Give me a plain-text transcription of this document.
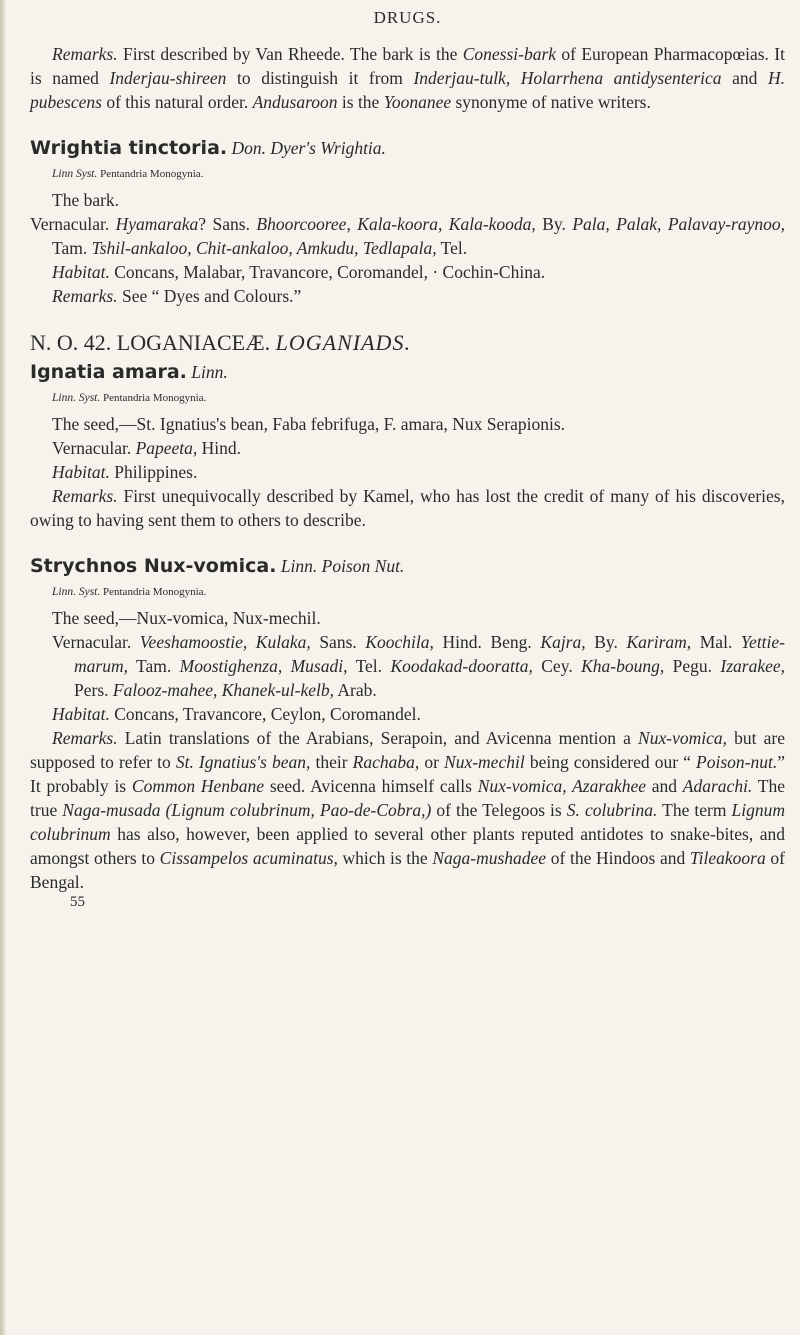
DRUGS.

Remarks. First described by Van Rheede. The bark is the Conessi-bark of European Pharmacopœias. It is named Inderjau-shireen to distinguish it from Inderjau-tulk, Holarrhena antidysenterica and H. pubescens of this natural order. Andusaroon is the Yoonanee synonyme of native writers.

Wrightia tinctoria. Don. Dyer's Wrightia.

Linn Syst. Pentandria Monogynia.

The bark.

Vernacular. Hyamaraka? Sans. Bhoorcooree, Kala-koora, Kala-kooda, By. Pala, Palak, Palavay-raynoo, Tam. Tshil-ankaloo, Chit-ankaloo, Amkudu, Tedlapala, Tel.

Habitat. Concans, Malabar, Travancore, Coromandel, · Cochin-China.

Remarks. See “ Dyes and Colours.”

N. O. 42. LOGANIACEÆ. LOGANIADS.

Ignatia amara. Linn.

Linn. Syst. Pentandria Monogynia.

The seed,—St. Ignatius's bean, Faba febrifuga, F. amara, Nux Serapionis.

Vernacular. Papeeta, Hind.

Habitat. Philippines.

Remarks. First unequivocally described by Kamel, who has lost the credit of many of his discoveries, owing to having sent them to others to describe.

Strychnos Nux-vomica. Linn. Poison Nut.

Linn. Syst. Pentandria Monogynia.

The seed,—Nux-vomica, Nux-mechil.

Vernacular. Veeshamoostie, Kulaka, Sans. Koochila, Hind. Beng. Kajra, By. Kariram, Mal. Yettie-marum, Tam. Moostighenza, Musadi, Tel. Koodakad-dooratta, Cey. Kha-boung, Pegu. Izarakee, Pers. Falooz-mahee, Khanek-ul-kelb, Arab.

Habitat. Concans, Travancore, Ceylon, Coromandel.

Remarks. Latin translations of the Arabians, Serapoin, and Avicenna mention a Nux-vomica, but are supposed to refer to St. Ignatius's bean, their Rachaba, or Nux-mechil being considered our “ Poison-nut.” It probably is Common Henbane seed. Avicenna himself calls Nux-vomica, Azarakhee and Adarachi. The true Naga-musada (Lignum colubrinum, Pao-de-Cobra,) of the Telegoos is S. colubrina. The term Lignum colubrinum has also, however, been applied to several other plants reputed antidotes to snake-bites, and amongst others to Cissampelos acuminatus, which is the Naga-mushadee of the Hindoos and Tileakoora of Bengal.

55
